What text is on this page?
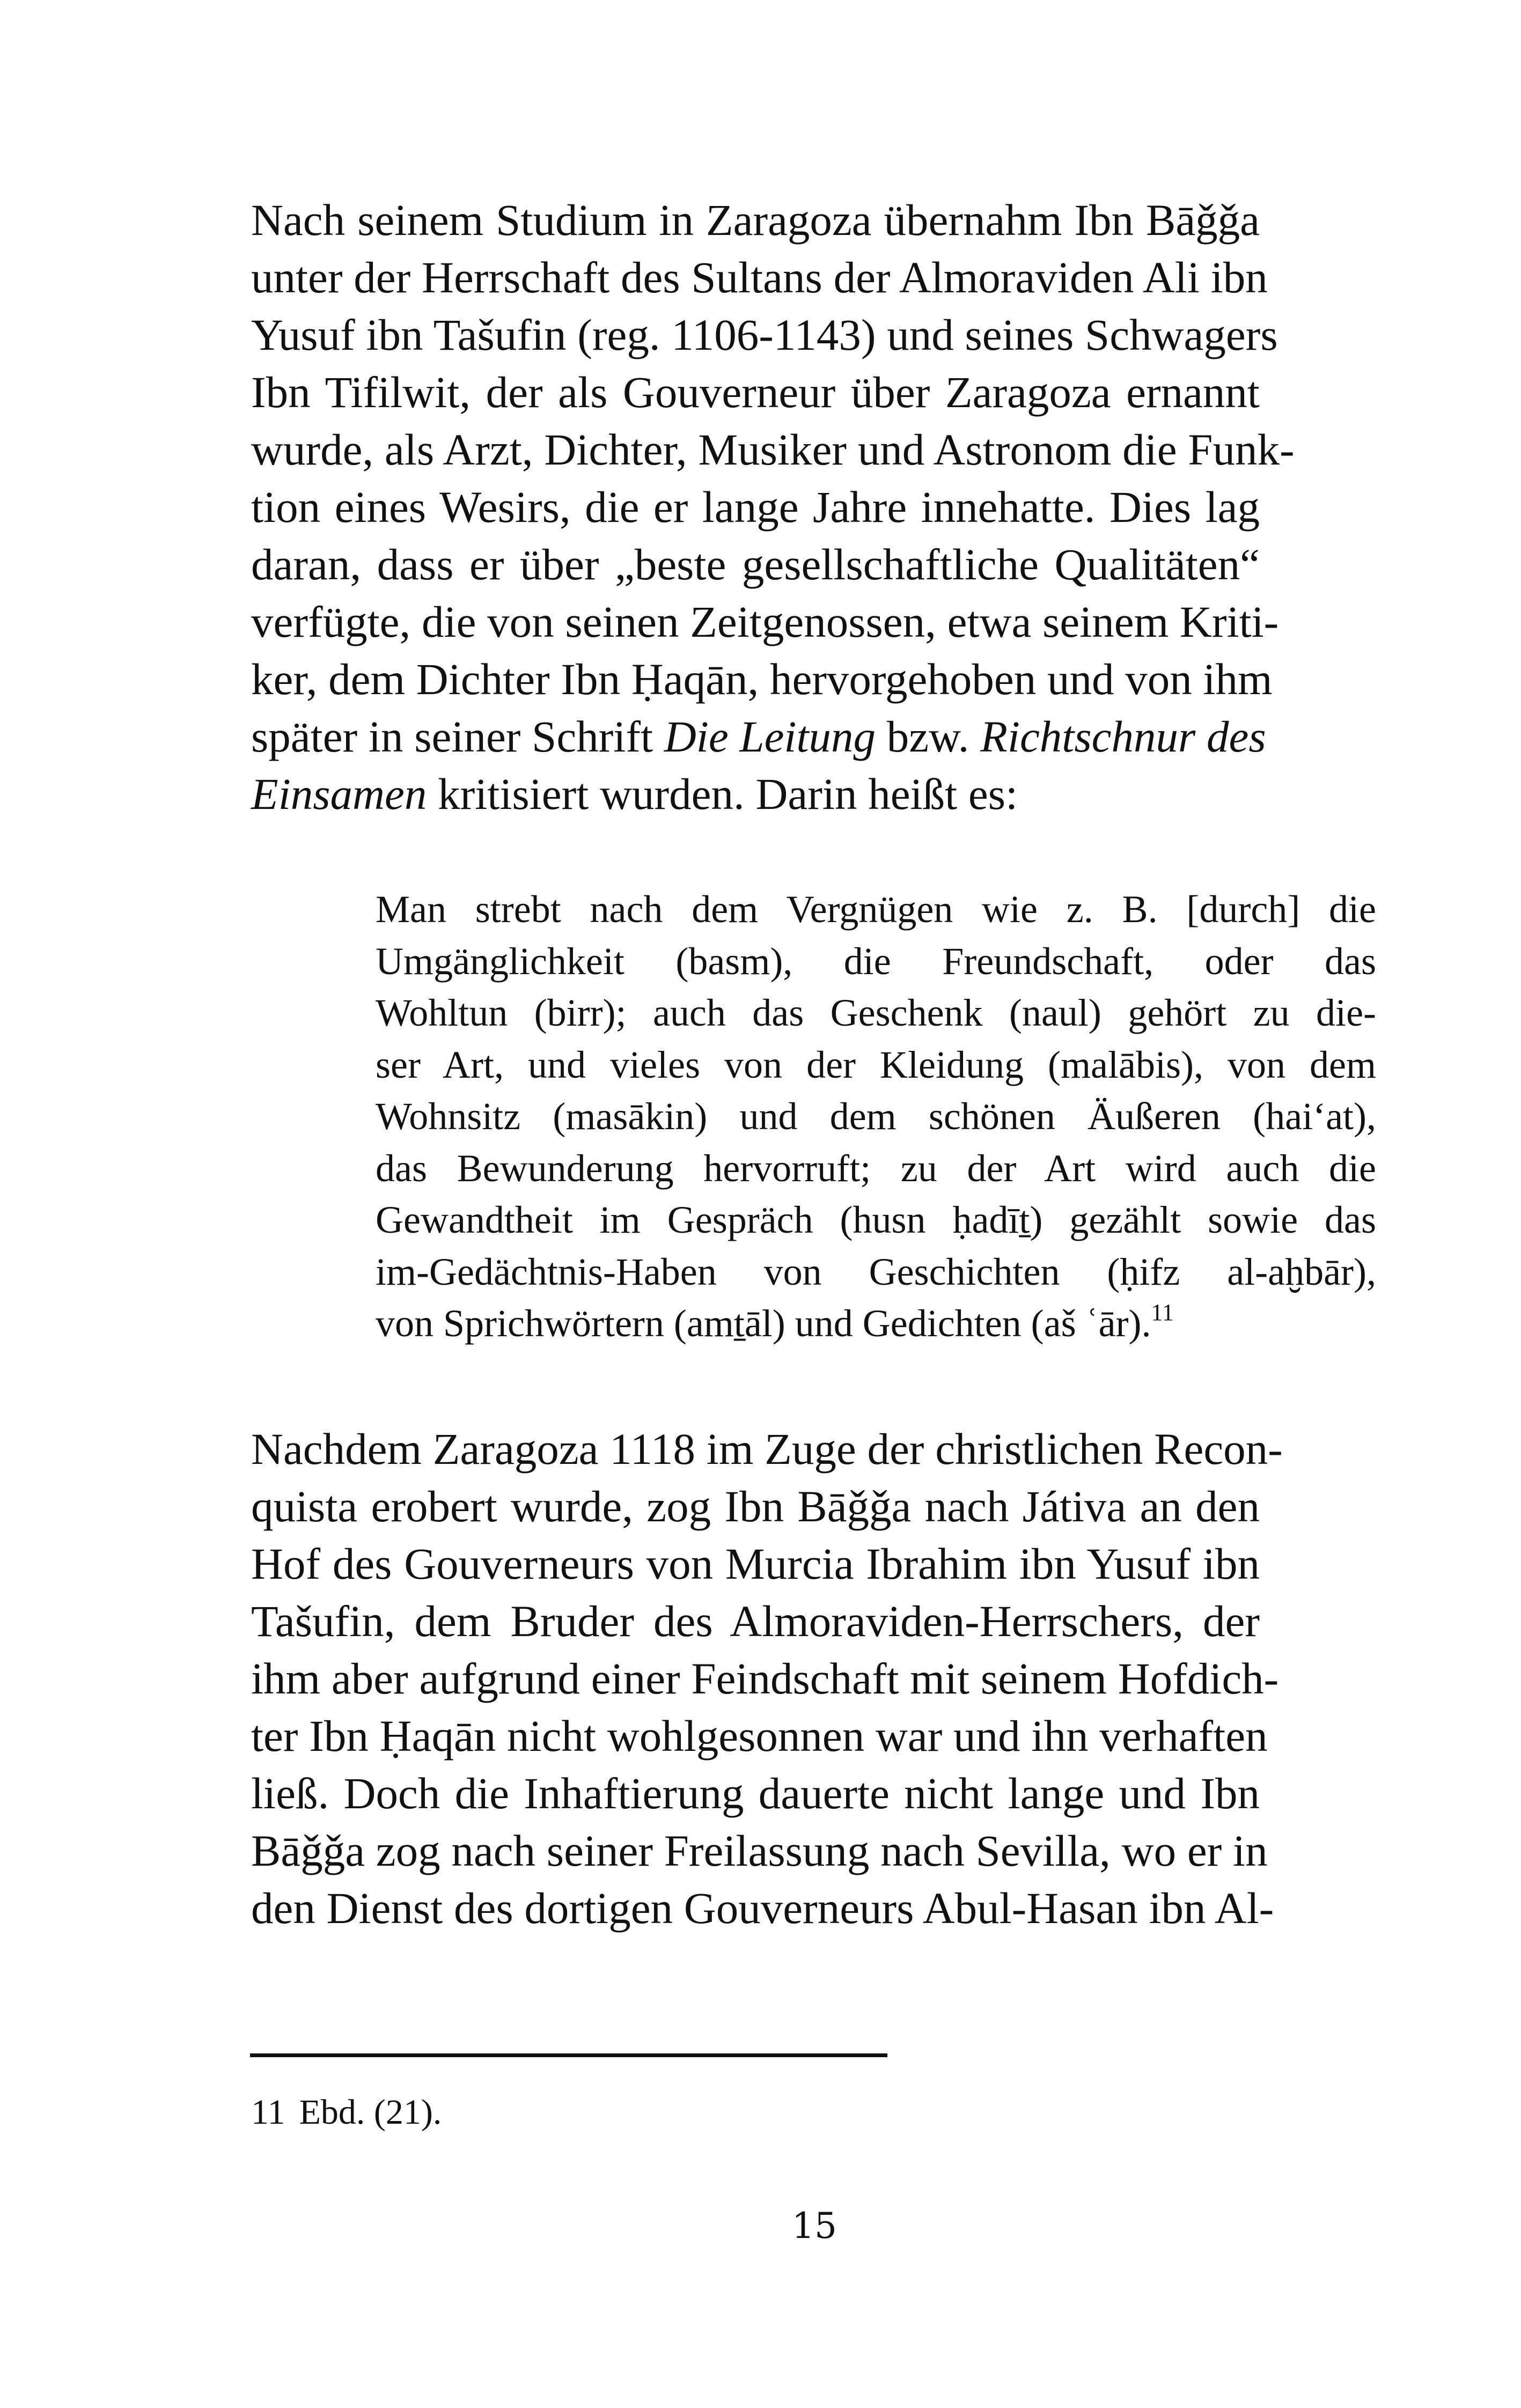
Nach seinem Studium in Zaragoza übernahm Ibn Bāǧǧa
unter der Herrschaft des Sultans der Almoraviden Ali ibn
Yusuf ibn Tašufin (reg. 1106-1143) und seines Schwagers
Ibn Tifilwit, der als Gouverneur über Zaragoza ernannt
wurde, als Arzt, Dichter, Musiker und Astronom die Funk-
tion eines Wesirs, die er lange Jahre innehatte. Dies lag
daran, dass er über „beste gesellschaftliche Qualitäten“
verfügte, die von seinen Zeitgenossen, etwa seinem Kriti-
ker, dem Dichter Ibn Ḥaqān, hervorgehoben und von ihm
später in seiner Schrift Die Leitung bzw. Richtschnur des
Einsamen kritisiert wurden. Darin heißt es:
Man strebt nach dem Vergnügen wie z. B. [durch] die
Umgänglichkeit (basm), die Freundschaft, oder das
Wohltun (birr); auch das Geschenk (naul) gehört zu die-
ser Art, und vieles von der Kleidung (malābis), von dem
Wohnsitz (masākin) und dem schönen Äußeren (hai‘at),
das Bewunderung hervorruft; zu der Art wird auch die
Gewandtheit im Gespräch (husn ḥadīṯ) gezählt sowie das
im-Gedächtnis-Haben von Geschichten (ḥifz al-aḫbār),
von Sprichwörtern (amṯāl) und Gedichten (aš ʿār).$^{11}$
Nachdem Zaragoza 1118 im Zuge der christlichen Recon-
quista erobert wurde, zog Ibn Bāǧǧa nach Játiva an den
Hof des Gouverneurs von Murcia Ibrahim ibn Yusuf ibn
Tašufin, dem Bruder des Almoraviden-Herrschers, der
ihm aber aufgrund einer Feindschaft mit seinem Hofdich-
ter Ibn Ḥaqān nicht wohlgesonnen war und ihn verhaften
ließ. Doch die Inhaftierung dauerte nicht lange und Ibn
Bāǧǧa zog nach seiner Freilassung nach Sevilla, wo er in
den Dienst des dortigen Gouverneurs Abul-Hasan ibn Al-
11 Ebd. (21).
15
